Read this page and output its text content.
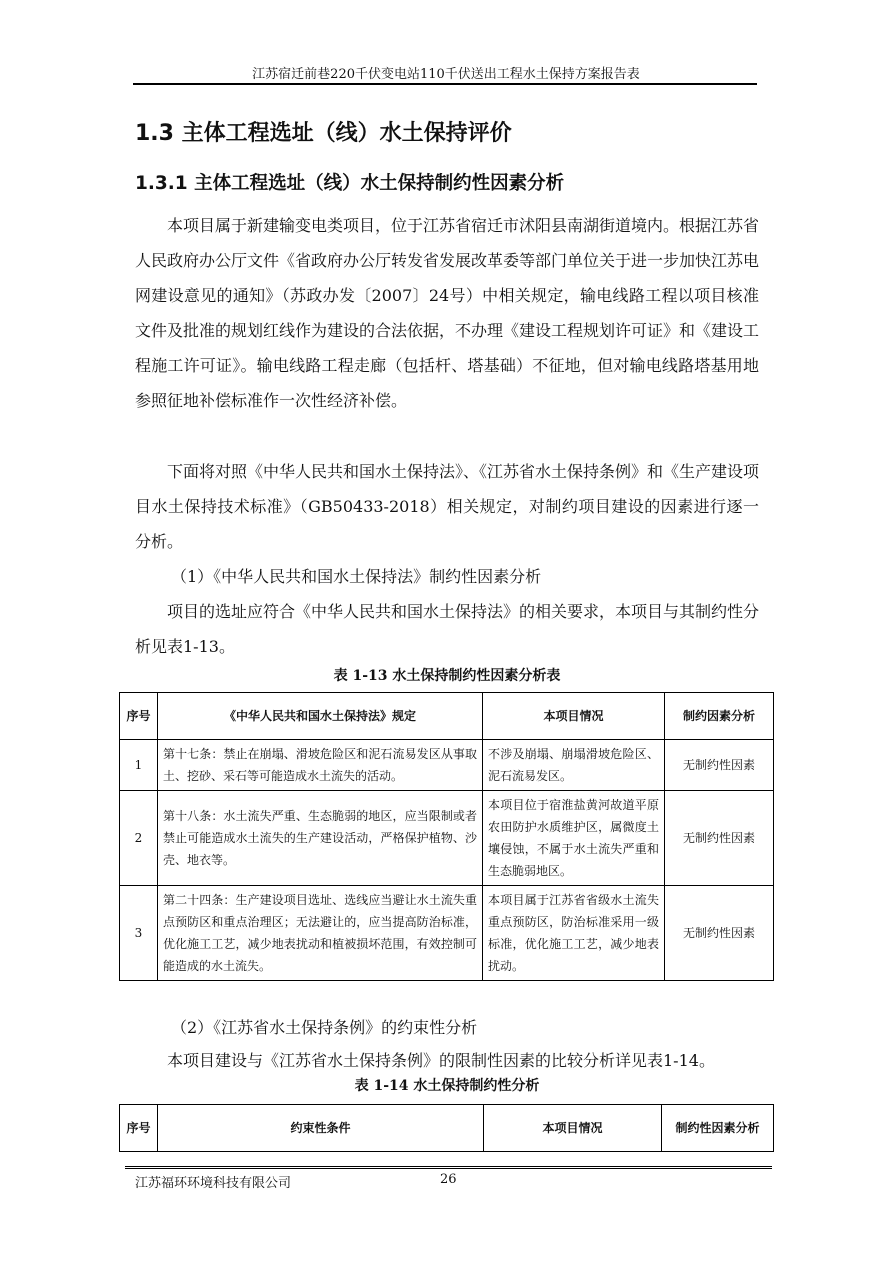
江苏宿迁前巷220千伏变电站110千伏送出工程水土保持方案报告表
1.3 主体工程选址（线）水土保持评价
1.3.1 主体工程选址（线）水土保持制约性因素分析

本项目属于新建输变电类项目，位于江苏省宿迁市沭阳县南湖街道境内。根据江苏省人民政府办公厅文件《省政府办公厅转发省发展改革委等部门单位关于进一步加快江苏电网建设意见的通知》（苏政办发〔2007〕24号）中相关规定，输电线路工程以项目核准文件及批准的规划红线作为建设的合法依据，不办理《建设工程规划许可证》和《建设工程施工许可证》。输电线路工程走廊（包括杆、塔基础）不征地，但对输电线路塔基用地参照征地补偿标准作一次性经济补偿。

下面将对照《中华人民共和国水土保持法》、《江苏省水土保持条例》和《生产建设项目水土保持技术标准》（GB50433-2018）相关规定，对制约项目建设的因素进行逐一分析。

（1）《中华人民共和国水土保持法》制约性因素分析

项目的选址应符合《中华人民共和国水土保持法》的相关要求，本项目与其制约性分析见表1-13。

表 1-13 水土保持制约性因素分析表
序号	《中华人民共和国水土保持法》规定	本项目情况	制约因素分析
1	第十七条：禁止在崩塌、滑坡危险区和泥石流易发区从事取土、挖砂、采石等可能造成水土流失的活动。	不涉及崩塌、崩塌滑坡危险区、泥石流易发区。	无制约性因素
2	第十八条：水土流失严重、生态脆弱的地区，应当限制或者禁止可能造成水土流失的生产建设活动，严格保护植物、沙壳、地衣等。	本项目位于宿淮盐黄河故道平原农田防护水质维护区，属微度土壤侵蚀，不属于水土流失严重和生态脆弱地区。	无制约性因素
3	第二十四条：生产建设项目选址、选线应当避让水土流失重点预防区和重点治理区；无法避让的，应当提高防治标准，优化施工工艺，减少地表扰动和植被损坏范围，有效控制可能造成的水土流失。	本项目属于江苏省省级水土流失重点预防区，防治标准采用一级标准，优化施工工艺，减少地表扰动。	无制约性因素

（2）《江苏省水土保持条例》的约束性分析

本项目建设与《江苏省水土保持条例》的限制性因素的比较分析详见表1-14。

表 1-14 水土保持制约性分析
序号	约束性条件	本项目情况	制约性因素分析
江苏福环环境科技有限公司	26
